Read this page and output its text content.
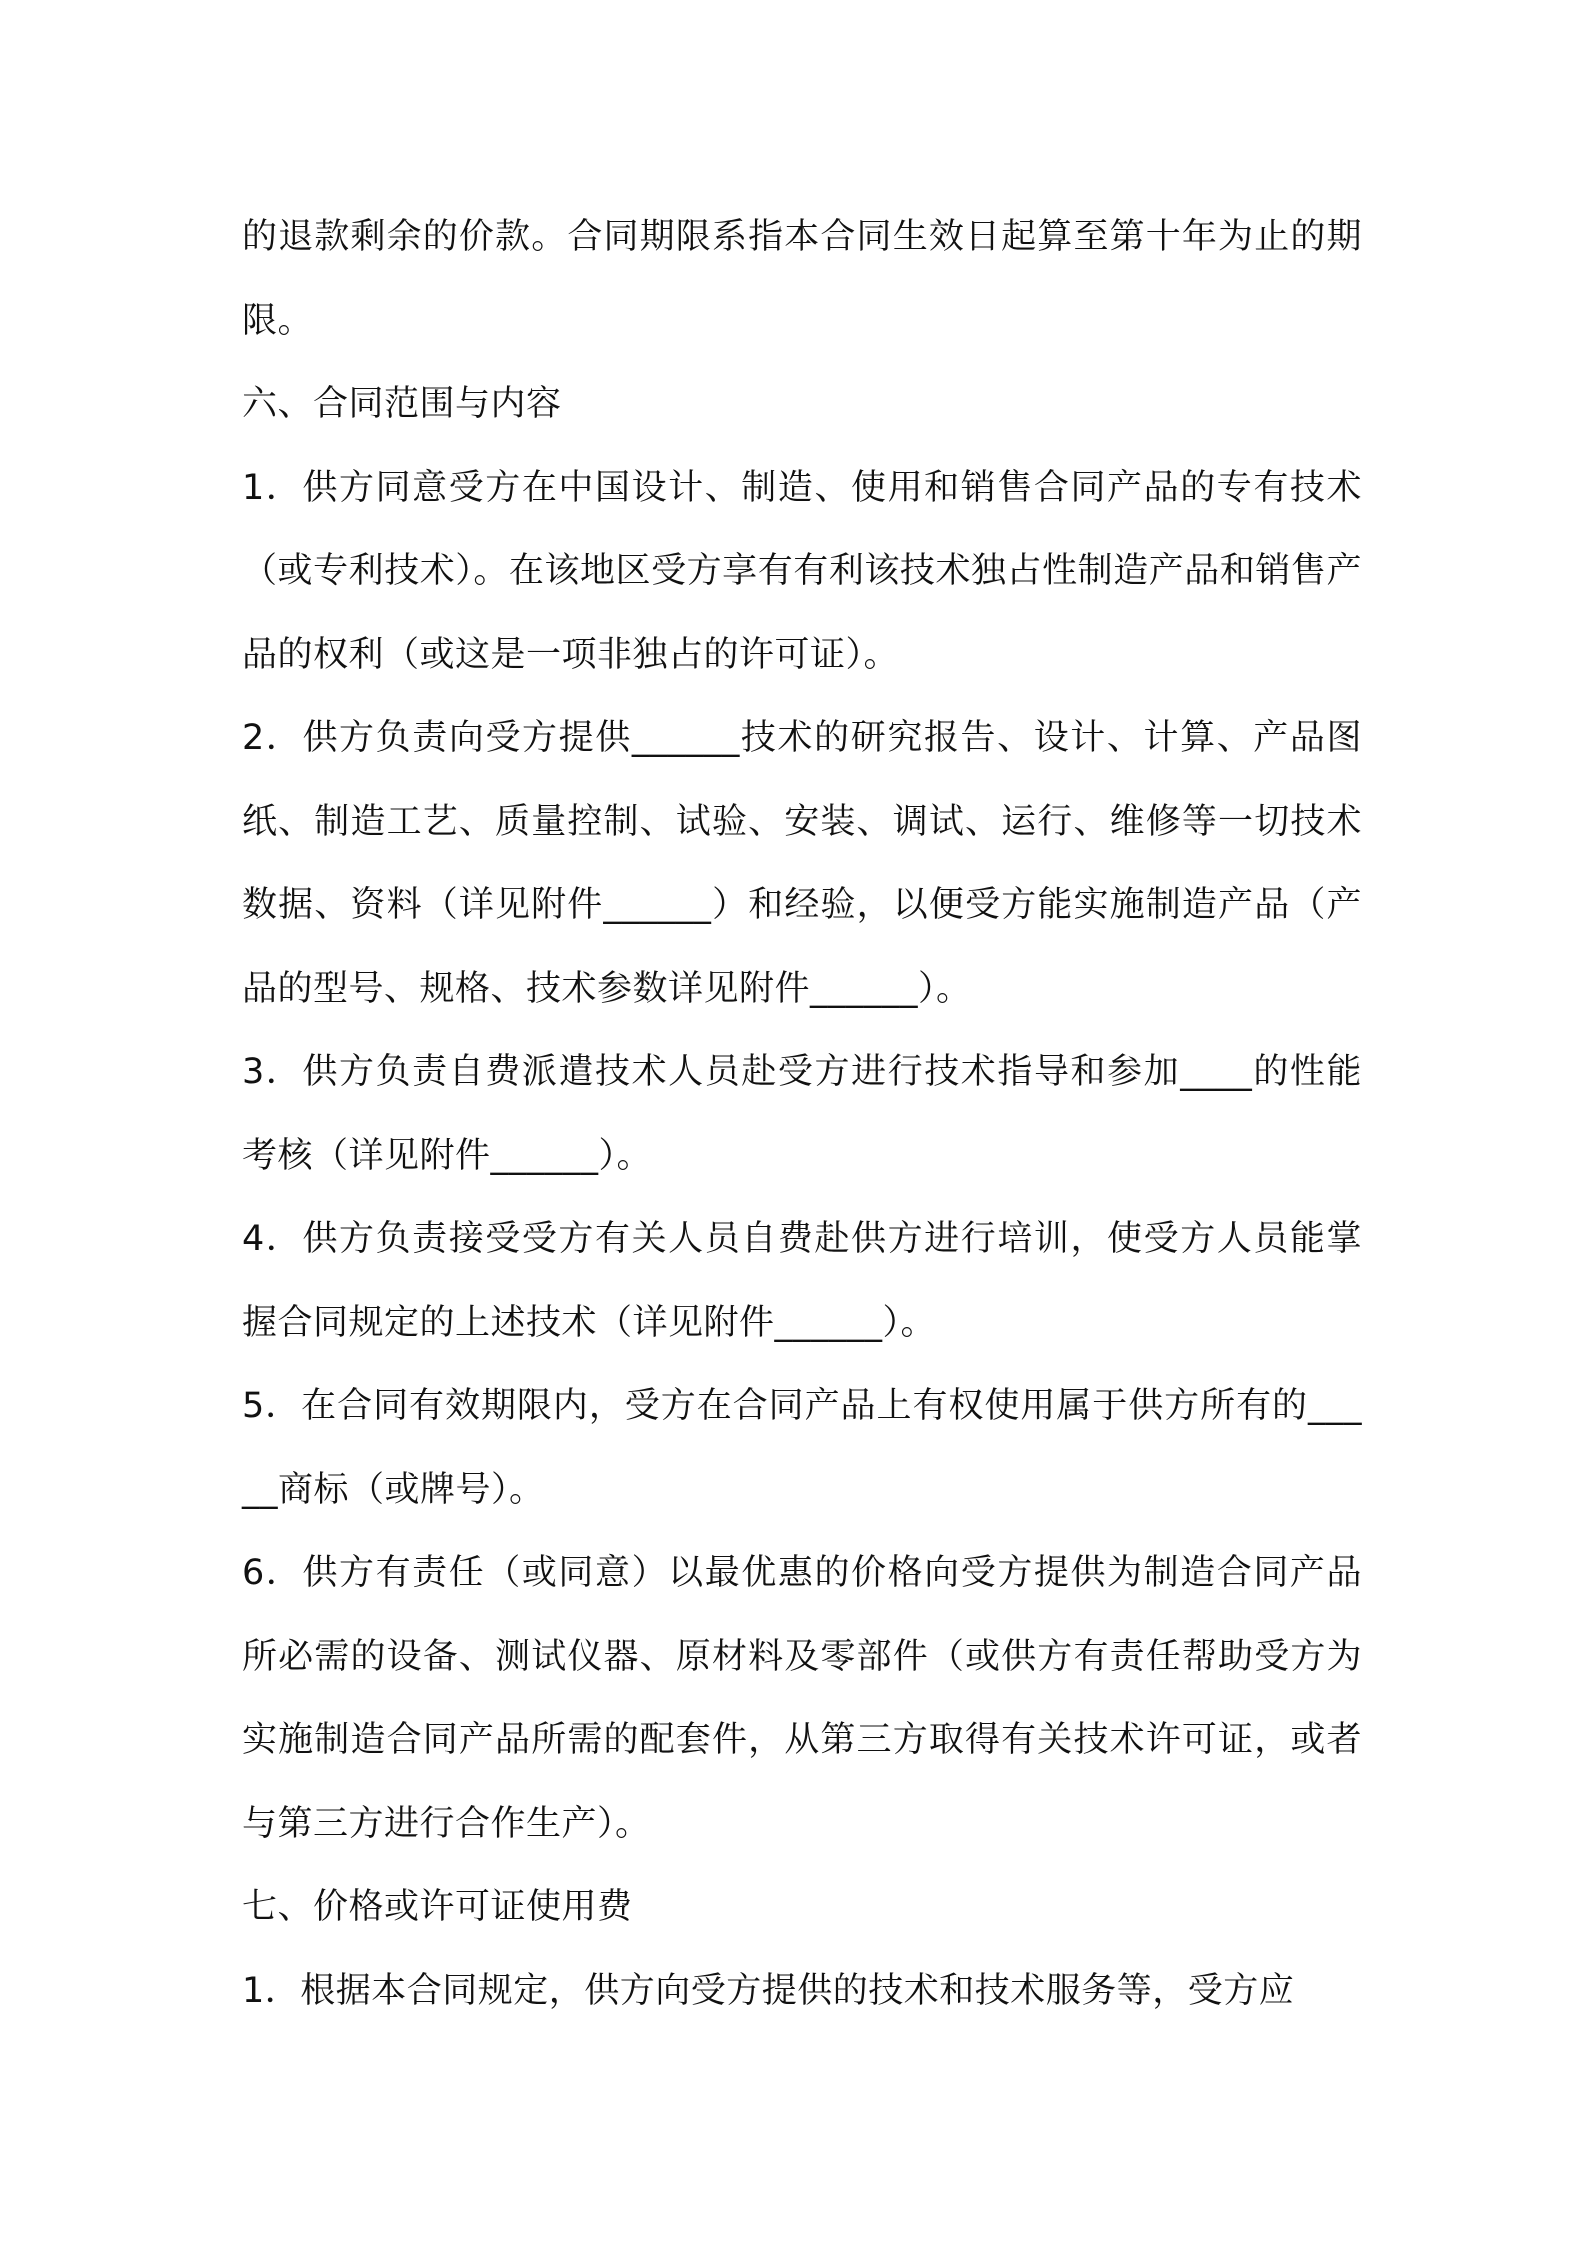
的退款剩余的价款。合同期限系指本合同生效日起算至第十年为止的期限。

六、合同范围与内容

1．供方同意受方在中国设计、制造、使用和销售合同产品的专有技术（或专利技术）。在该地区受方享有有利该技术独占性制造产品和销售产品的权利（或这是一项非独占的许可证）。

2．供方负责向受方提供______技术的研究报告、设计、计算、产品图纸、制造工艺、质量控制、试验、安装、调试、运行、维修等一切技术数据、资料（详见附件______）和经验，以便受方能实施制造产品（产品的型号、规格、技术参数详见附件______）。

3．供方负责自费派遣技术人员赴受方进行技术指导和参加____的性能考核（详见附件______）。

4．供方负责接受受方有关人员自费赴供方进行培训，使受方人员能掌握合同规定的上述技术（详见附件______）。

5．在合同有效期限内，受方在合同产品上有权使用属于供方所有的_____商标（或牌号）。

6．供方有责任（或同意）以最优惠的价格向受方提供为制造合同产品所必需的设备、测试仪器、原材料及零部件（或供方有责任帮助受方为实施制造合同产品所需的配套件，从第三方取得有关技术许可证，或者与第三方进行合作生产）。

七、价格或许可证使用费

1．根据本合同规定，供方向受方提供的技术和技术服务等，受方应
